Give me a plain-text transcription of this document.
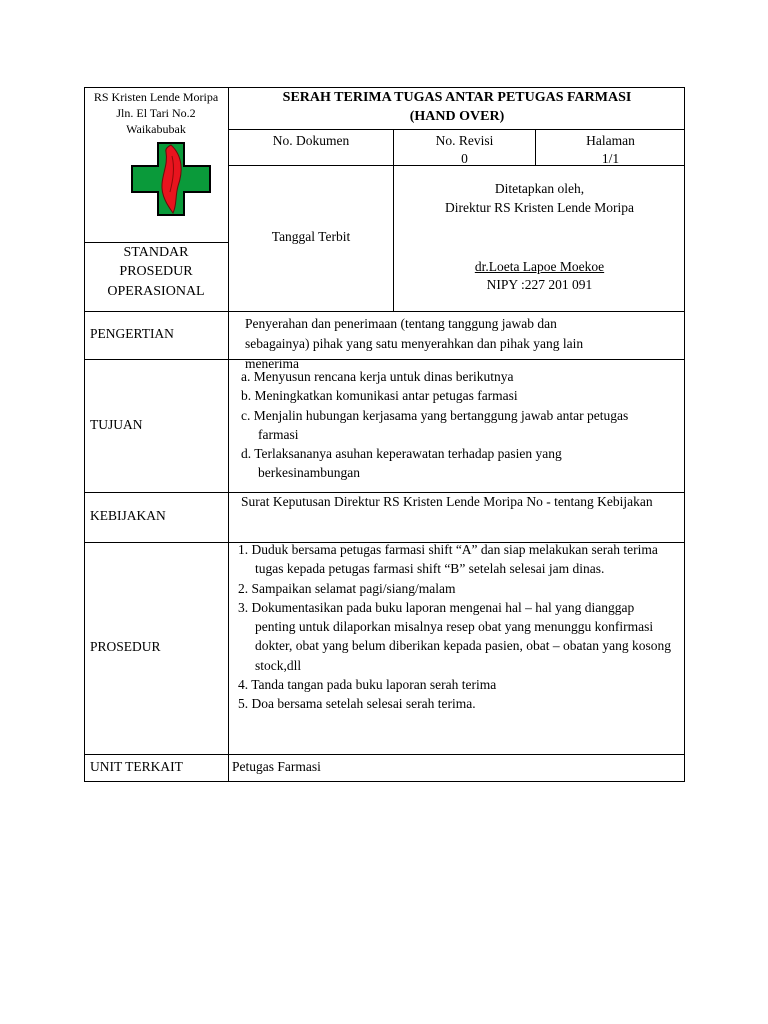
RS Kristen Lende Moripa
Jln. El Tari No.2
Waikabubak
STANDAR
PROSEDUR
OPERASIONAL
SERAH TERIMA TUGAS ANTAR PETUGAS FARMASI
(HAND OVER)
No. Dokumen	No. Revisi
0
Halaman
1/1
Tanggal Terbit
Ditetapkan oleh,
Direktur RS Kristen Lende Moripa
dr.Loeta Lapoe Moekoe
NIPY :227 201 091
PENGERTIAN
Penyerahan dan penerimaan (tentang tanggung jawab dan sebagainya) pihak yang satu menyerahkan dan pihak yang lain menerima
TUJUAN
a. Menyusun rencana kerja untuk dinas berikutnya
b. Meningkatkan komunikasi antar petugas farmasi
c. Menjalin hubungan kerjasama yang bertanggung jawab antar petugas farmasi
d. Terlaksananya asuhan keperawatan terhadap pasien yang berkesinambungan
KEBIJAKAN
Surat Keputusan Direktur RS Kristen Lende Moripa No - tentang Kebijakan
PROSEDUR
1. Duduk bersama petugas farmasi shift “A” dan siap melakukan serah terima tugas kepada petugas farmasi shift “B” setelah selesai jam dinas.
2. Sampaikan selamat pagi/siang/malam
3. Dokumentasikan pada buku laporan mengenai hal – hal yang dianggap penting untuk dilaporkan misalnya resep obat yang menunggu konfirmasi dokter, obat yang belum diberikan kepada pasien, obat – obatan yang kosong stock,dll
4. Tanda tangan pada buku laporan serah terima
5. Doa bersama setelah selesai serah terima.
UNIT TERKAIT	Petugas Farmasi
